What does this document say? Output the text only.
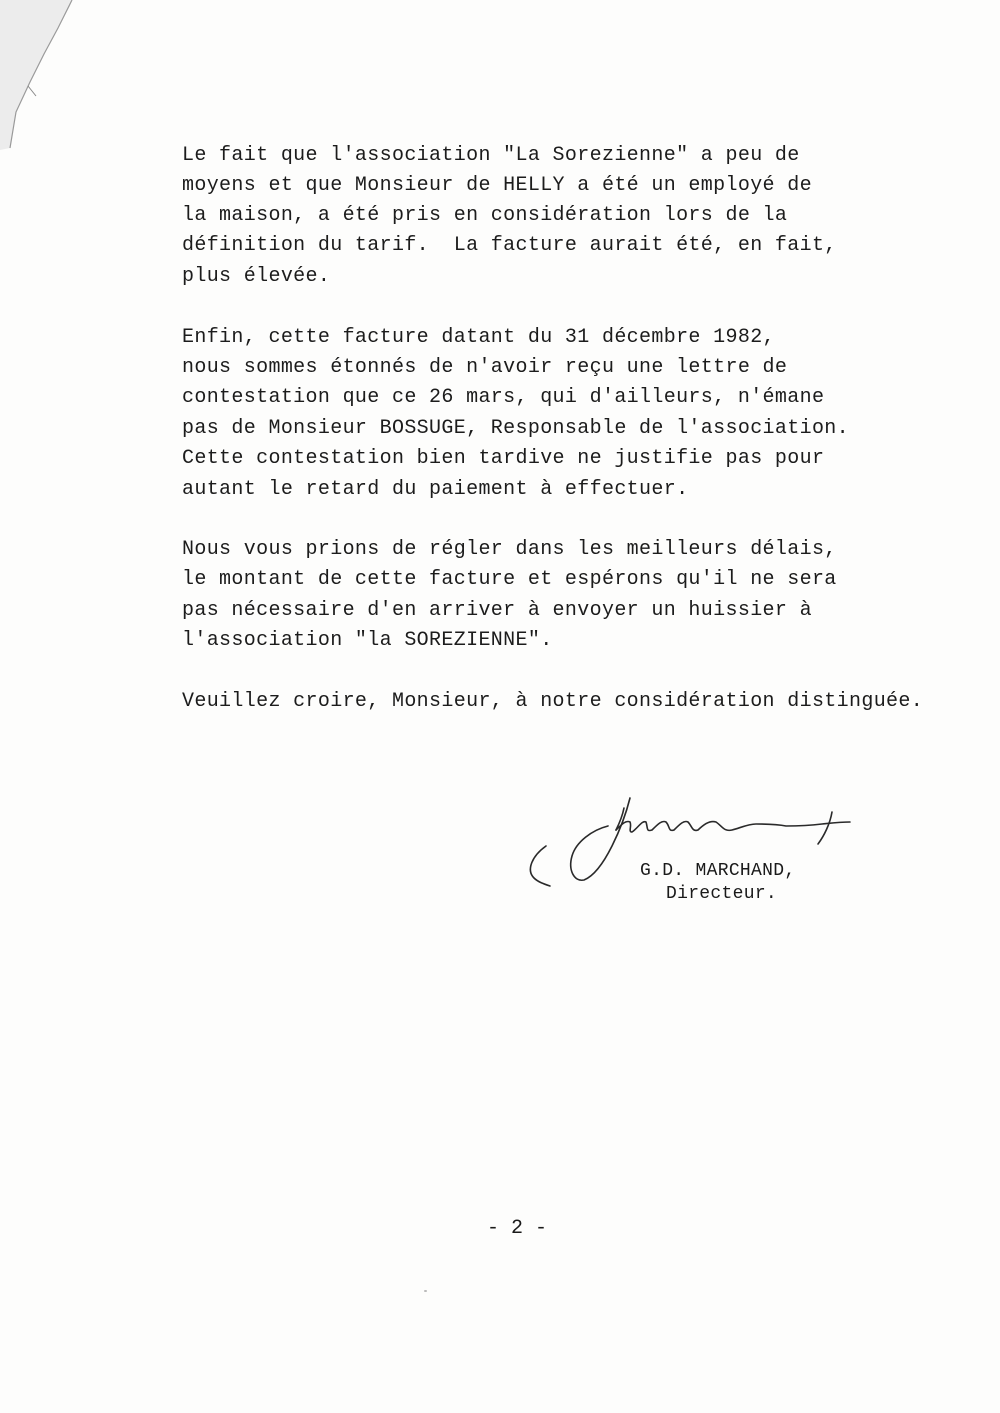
Le fait que l'association "La Sorezienne" a peu de
moyens et que Monsieur de HELLY a été un employé de
la maison, a été pris en considération lors de la
définition du tarif.  La facture aurait été, en fait,
plus élevée.
Enfin, cette facture datant du 31 décembre 1982,
nous sommes étonnés de n'avoir reçu une lettre de
contestation que ce 26 mars, qui d'ailleurs, n'émane
pas de Monsieur BOSSUGE, Responsable de l'association.
Cette contestation bien tardive ne justifie pas pour
autant le retard du paiement à effectuer.
Nous vous prions de régler dans les meilleurs délais,
le montant de cette facture et espérons qu'il ne sera
pas nécessaire d'en arriver à envoyer un huissier à
l'association "la SOREZIENNE".
Veuillez croire, Monsieur, à notre considération distinguée.
G.D. MARCHAND,
Directeur.
- 2 -
